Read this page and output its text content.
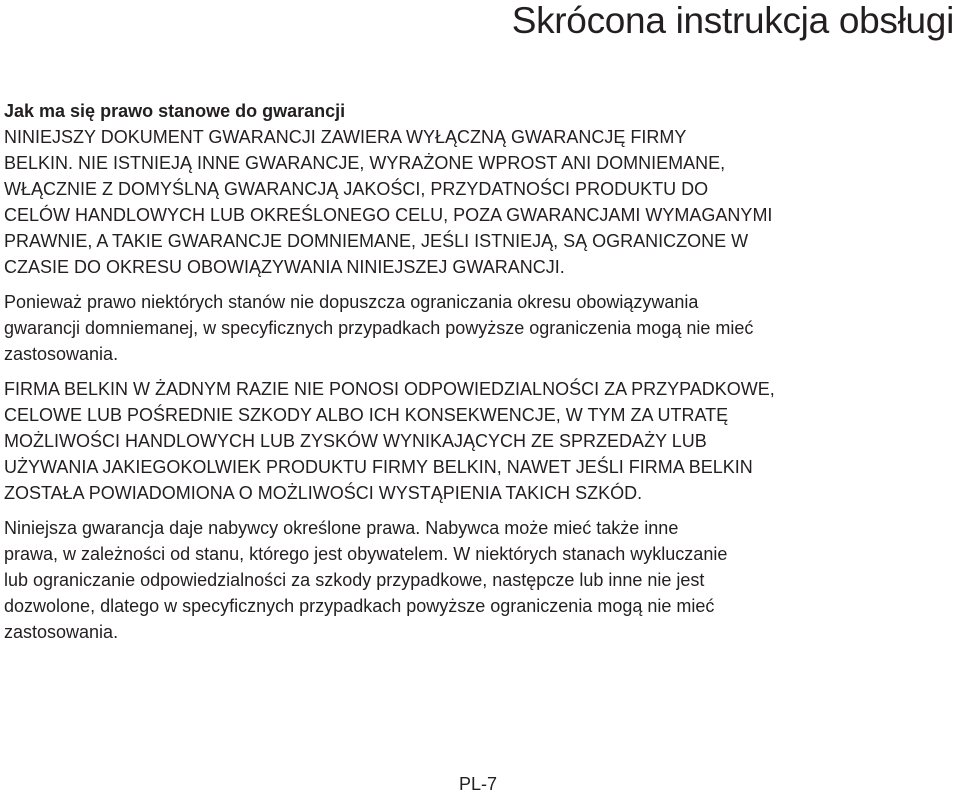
Skrócona instrukcja obsługi
Jak ma się prawo stanowe do gwarancji

NINIEJSZY DOKUMENT GWARANCJI ZAWIERA WYŁĄCZNĄ GWARANCJĘ FIRMY
BELKIN. NIE ISTNIEJĄ INNE GWARANCJE, WYRAŻONE WPROST ANI DOMNIEMANE,
WŁĄCZNIE Z DOMYŚLNĄ GWARANCJĄ JAKOŚCI, PRZYDATNOŚCI PRODUKTU DO
CELÓW HANDLOWYCH LUB OKREŚLONEGO CELU, POZA GWARANCJAMI WYMAGANYMI
PRAWNIE, A TAKIE GWARANCJE DOMNIEMANE, JEŚLI ISTNIEJĄ, SĄ OGRANICZONE W
CZASIE DO OKRESU OBOWIĄZYWANIA NINIEJSZEJ GWARANCJI.

Ponieważ prawo niektórych stanów nie dopuszcza ograniczania okresu obowiązywania
gwarancji domniemanej, w specyficznych przypadkach powyższe ograniczenia mogą nie mieć
zastosowania.

FIRMA BELKIN W ŻADNYM RAZIE NIE PONOSI ODPOWIEDZIALNOŚCI ZA PRZYPADKOWE,
CELOWE LUB POŚREDNIE SZKODY ALBO ICH KONSEKWENCJE, W TYM ZA UTRATĘ
MOŻLIWOŚCI HANDLOWYCH LUB ZYSKÓW WYNIKAJĄCYCH ZE SPRZEDAŻY LUB
UŻYWANIA JAKIEGOKOLWIEK PRODUKTU FIRMY BELKIN, NAWET JEŚLI FIRMA BELKIN
ZOSTAŁA POWIADOMIONA O MOŻLIWOŚCI WYSTĄPIENIA TAKICH SZKÓD.

Niniejsza gwarancja daje nabywcy określone prawa. Nabywca może mieć także inne
prawa, w zależności od stanu, którego jest obywatelem. W niektórych stanach wykluczanie
lub ograniczanie odpowiedzialności za szkody przypadkowe, następcze lub inne nie jest
dozwolone, dlatego w specyficznych przypadkach powyższe ograniczenia mogą nie mieć
zastosowania.

PL-7
